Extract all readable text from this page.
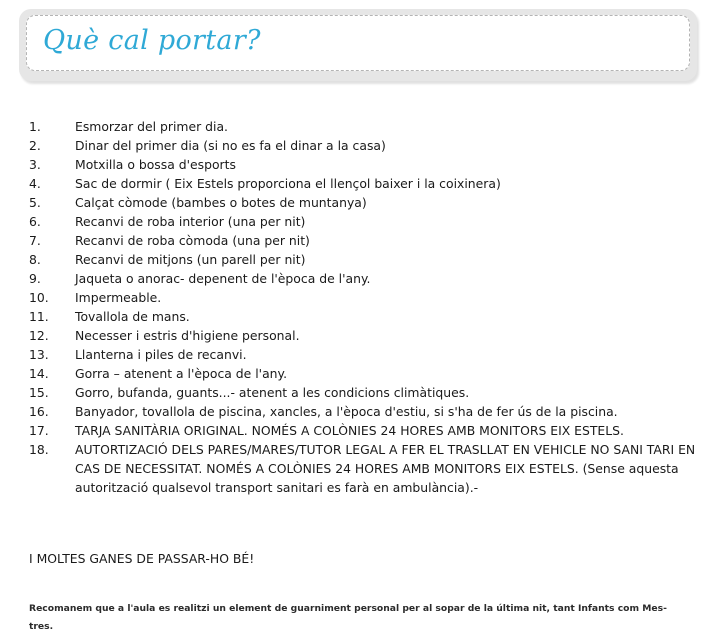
Què cal portar?
1.	Esmorzar del primer dia.
2.	Dinar del primer dia (si no es fa el dinar a la casa)
3.	Motxilla o bossa d'esports
4.	Sac de dormir ( Eix Estels proporciona el llençol baixer i la coixinera)
5.	Calçat còmode (bambes o botes de muntanya)
6.	Recanvi de roba interior (una per nit)
7.	Recanvi de roba còmoda (una per nit)
8.	Recanvi de mitjons (un parell per nit)
9.	Jaqueta o anorac- depenent de l'època de l'any.
10.	Impermeable.
11.	Tovallola de mans.
12.	Necesser i estris d'higiene personal.
13.	Llanterna i piles de recanvi.
14.	Gorra – atenent a l'època de l'any.
15.	Gorro, bufanda, guants...- atenent a les condicions climàtiques.
16.	Banyador, tovallola de piscina, xancles, a l'època d'estiu, si s'ha de fer ús de la piscina.
17.	TARJA SANITÀRIA ORIGINAL. NOMÉS A COLÒNIES 24 HORES AMB MONITORS EIX ESTELS.
18.	AUTORTIZACIÓ DELS PARES/MARES/TUTOR LEGAL A FER EL TRASLLAT EN VEHICLE NO SANI TARI EN CAS DE NECESSITAT. NOMÉS A COLÒNIES 24 HORES AMB MONITORS EIX ESTELS. (Sense aquesta autorització qualsevol transport sanitari es farà en ambulància).-
I MOLTES GANES DE PASSAR-HO BÉ!
Recomanem que a l'aula es realitzi un element de guarniment personal per al sopar de la última nit, tant Infants com Mes- tres.
